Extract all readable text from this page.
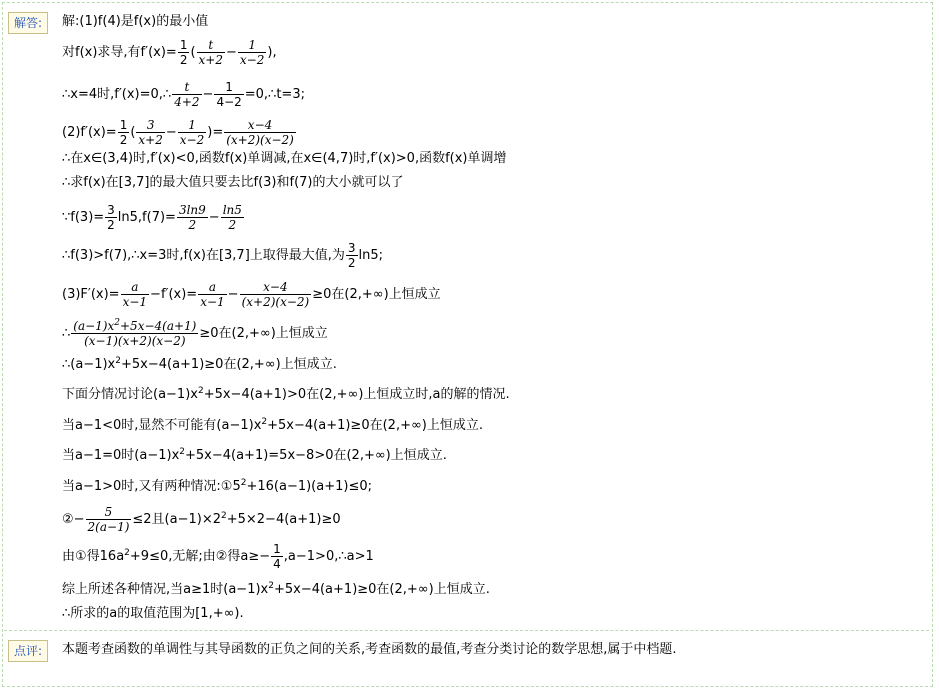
解答:	解:(1)f(4)是f(x)的最小值
对f(x)求导,有$f'(x)= \frac{1}{2}$ ( $\frac{t}{x+2} - \frac{1}{x-2}$ ),
∴x=4时,f′(x)=0,∴ $\frac{t}{4+2} - \frac{1}{4-2}$ =0,∴t=3;
$(2)f'(x)= \frac{1}{2}$ ( $\frac{3}{x+2} - \frac{1}{x-2}$ )= $\frac{x-4}{(x+2)(x-2)}$
∴在x∈(3,4)时,f′(x)<0,函数f(x)单调减,在x∈(4,7)时,f′(x)>0,函数f(x)单调增
∴求f(x)在[3,7]的最大值只要去比f(3)和f(7)的大小就可以了
∵f(3)= $\frac{3}{2} \ln 5,f(7)= \frac{3\ln 9}{2} - \frac{\ln 5}{2}$
∴f(3)>f(7),∴x=3时,f(x)在[3,7]上取得最大值,为 $\frac{3}{2} \ln 5$;
$(3)F'(x)= \frac{a}{x-1} -f'(x)= \frac{a}{x-1} - \frac{x-4}{(x+2)(x-2)} \ge 0$在(2,+∞)上恒成立
∴ $\frac{(a-1)x^2+5x-4(a+1)}{(x-1)(x+2)(x-2)} \ge 0$在(2,+∞)上恒成立
$\therefore(a-1)x^2+5x-4(a+1)\ge 0$在(2,+∞)上恒成立.
下面分情况讨论$(a-1)x^2+5x-4(a+1)>0$在(2,+∞)上恒成立时,a的解的情况.
当a−1<0时,显然不可能有$(a-1)x^2+5x-4(a+1)\ge 0$在(2,+∞)上恒成立.
当a−1=0时$(a-1)x^2+5x-4(a+1)=5x-8>0$在(2,+∞)上恒成立.
当a−1>0时,又有两种情况$:①5^2+16(a-1)(a+1)\le 0$;
②− $\frac{5}{2(a-1)} \le 2$且$(a-1)\times 2^2+5\times 2-4(a+1)\ge 0$
由①得$16a^2+9\le 0$,无解;由②得$a\ge- \frac{1}{4}$ ,a−1>0,∴a>1
综上所述各种情况,当a≥1时$(a-1)x^2+5x-4(a+1)\ge 0$在(2,+∞)上恒成立.
∴所求的a的取值范围为[1,+∞).
点评:	本题考查函数的单调性与其导函数的正负之间的关系,考查函数的最值,考查分类讨论的数学思想,属于中档题.
